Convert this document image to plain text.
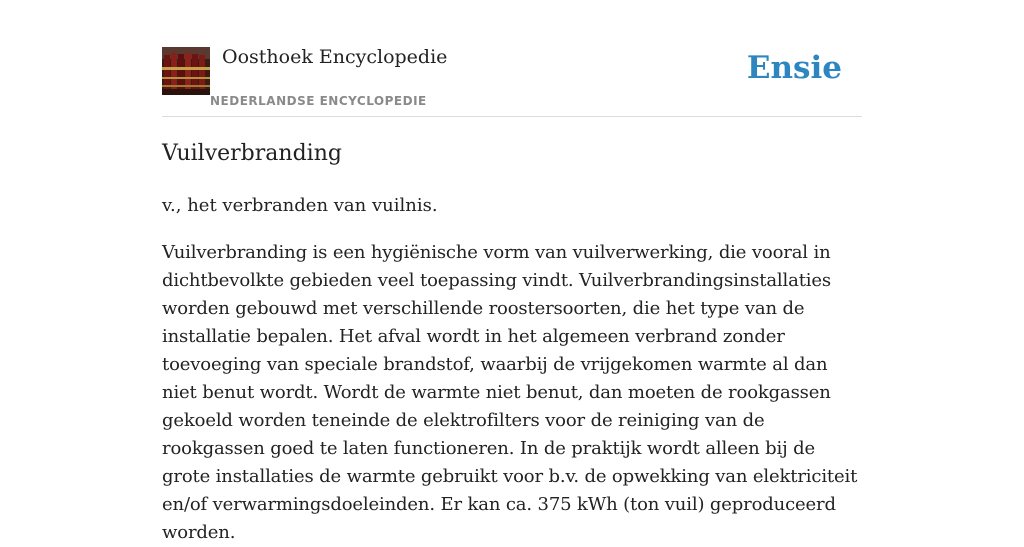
Oosthoek Encyclopedie
NEDERLANDSE ENCYCLOPEDIE
Ensie
Vuilverbranding

v., het verbranden van vuilnis.

Vuilverbranding is een hygiënische vorm van vuilverwerking, die vooral in dichtbevolkte gebieden veel toepassing vindt. Vuilverbrandingsinstallaties worden gebouwd met verschillende roostersoorten, die het type van de installatie bepalen. Het afval wordt in het algemeen verbrand zonder toevoeging van speciale brandstof, waarbij de vrijgekomen warmte al dan niet benut wordt. Wordt de warmte niet benut, dan moeten de rookgassen gekoeld worden teneinde de elektrofilters voor de reiniging van de rookgassen goed te laten functioneren. In de praktijk wordt alleen bij de grote installaties de warmte gebruikt voor b.v. de opwekking van elektriciteit en/of verwarmingsdoeleinden. Er kan ca. 375 kWh (ton vuil) geproduceerd worden.
